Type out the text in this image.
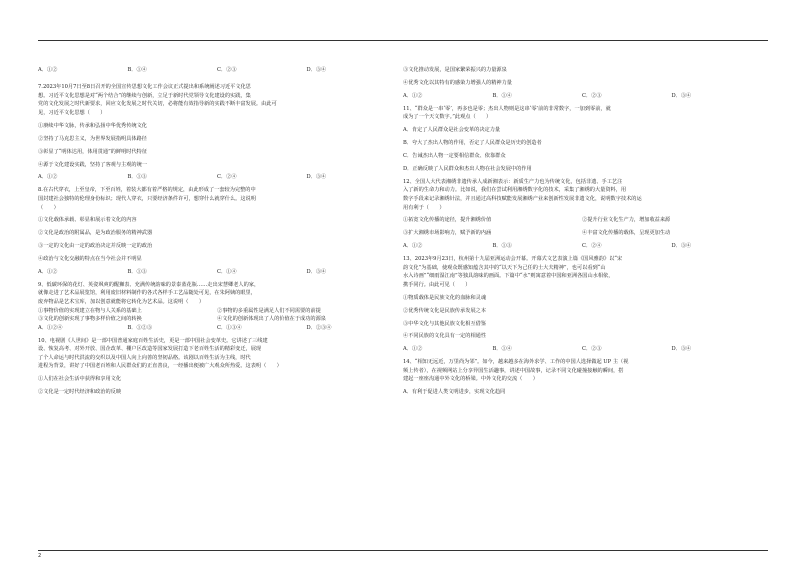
A．①②	B．①④	C．②③	D．③④

7.2023年10月7日至8日召开的全国宣传思想文化工作会议正式提出和系统阐述习近平文化思

想。习近平文化思想是对“两个结合”的继续与创新，立足于新时代党领导文化建设的实践，集

党的文化发展之时代新要求，回应文化发展之时代关切，必将能有效指导新的实践不断丰富发展。由此可

见，习近平文化思想（　　）

①赓续中华文脉，传承和弘扬中华优秀传统文化

②坚持了马克思主义，为世界发展指明具体路径

③彰显了“明体达用，体用贯通”的鲜明时代特征

④源于文化建设实践，坚持了客观与主观的统一

A．①②	B．①③	C．②④	D．③④

8.在古代穿衣，上至皇帝，下至百姓，着装大都有着严格的规定，由此形成了一套较为完整的中

国封建社会独特的伦理身份标识；现代人穿衣，只要经济条件许可，想穿什么就穿什么。这说明

（　　）

①文化载体承载、彰显和展示着文化的内容

②文化是政治的附属品，是为政治服务的精神武器

③一定的文化由一定的政治决定并反映一定的政治

④政治与文化交融的特点在当今社会并不明显

A．①②	B．①③	C．①④	D．③④

9、低碳环保的花灯、英姿飒爽的醒狮表、充满传统韵味的景泰蓝花瓶……走出宋慧卿老人的家，

就像走进了艺术品展览馆，利用废旧材料制作的各式各样手工艺品随处可见，在朱阿姨的眼里，

废弃物品是艺术宝库，加以创意就能将它转化为艺术品。这说明（　　）

①事物价值的实现建立在物与人关系的基础上	②事物的多重属性是满足人们不同需要的前提
③文化的创新实现了事物多样价值之间的转换	④文化的创新体现出了人的价值在于成功的源泉
A．①②④	B．①②③	C．①③④	D．②③④

10、电视剧《人世间》是一部中国普通家庭百姓生活史，更是一部中国社会变革史。它讲述了三线建

设、恢复高考、对外开放、国企改革、棚户区改造等国家发展打造下老百姓生活的精彩变迁，展现

了个人命运与时代洪流的交织以及中国人向上向善的坚韧品格。该剧以百姓生活为主线，时代

进程为背景，讲好了中国老百姓和人民群众们的正直善良，一经播出便被广大观众所热爱。这表明（　　）

①人们在社会生活中获得和享用文化

②文化是一定时代经济和政治的反映

③文化推动发展，是国家繁荣振兴的力量源泉

④优秀文化以其特有的感染力增强人的精神力量

A．①②	B．①④	C．②③	D．③④

11、“群众是一串‘零’，再多也是零；杰出人物则是这串‘零’前的非常数字，一加到零前，就

成为了一个天文数字。”此观点（　　）

A．肯定了人民群众是社会变革的决定力量

B．夸大了杰出人物的作用，否定了人民群众是历史的创造者

C．告诫杰出人物一定要相信群众、依靠群众

D．正确反映了人民群众和杰出人物在社会发展中的作用

12、全国人大代表湘绣非遗传承人成新湘表示：新质生产力也为传统文化，包括非遗、手工艺注

入了新的生命力和动力。比如说，我们在尝试利用湘绣数字化的技术，采集了湘绣的大量资料，用

数字手段来记录湘绣针法，并且通过高科技赋能发展湘绣产业来创新性发展非遗文化，说明数字技术的运

用有利于（　　）

①拓宽文化传播的途径，提升湘绣价值	②提升行业文化生产力，增加收益来源
③扩大湘绣市场影响力，赋予新的内涵	④丰富文化传播的载体，呈现更加生动
A．①②	B．①③	C．②④	D．③④

13、2023年9月23日，杭州第十九届亚洲运动会开幕。开幕式文艺表演上篇《国风雅韵》以“宋

韵文化”为基础，使观众既感知蕴含其中的“以天下为己任的士大夫精神”，也可以看到“山

水入诗画”“细雨湿江南”等独具韵味的画面。下篇中“水”则寓意着中国和亚洲各国山水相依，

携手同行。由此可见（　　）

①物质载体是民族文化的血脉和灵魂

②优秀传统文化是民族传承发展之本

③中华文化与其他民族文化相互借鉴

④不同民族的文化具有一定的相通性

A．①②	B．①④	C．②③	D．③④

14、“相知无远近，万里尚为邻”。如今，越来越多在海外求学、工作的中国人选择做起 UP 主（视

频上传者），在视频网站上分享异国生活趣事，讲述中国故事，记录不同文化碰撞接触的瞬间，搭

建起一座座沟通中外文化的桥梁。中外文化的交流（　　）

A．有利于促进人类文明进步，实现文化趋同

2
